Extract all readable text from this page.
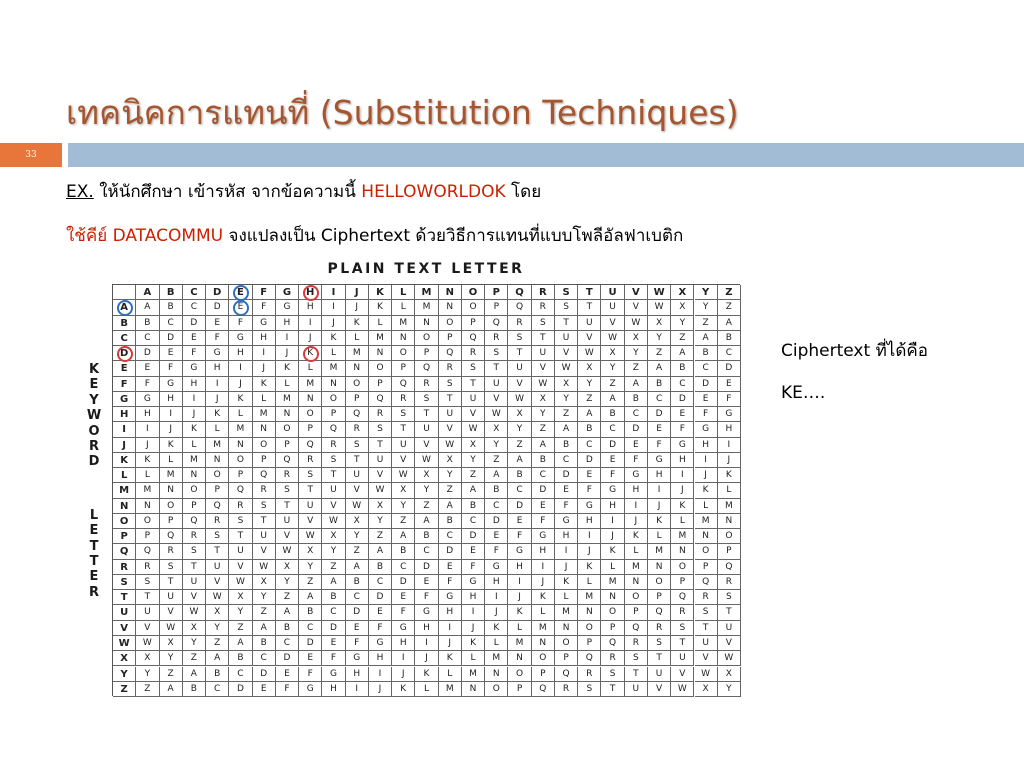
เทคนิคการแทนที่ (Substitution Techniques)
33
EX. ให้นักศึกษา เข้ารหัส จากข้อความนี้ HELLOWORLDOK โดย
ใช้คีย์ DATACOMMU จงแปลงเป็น Ciphertext ด้วยวิธีการแทนที่แบบโพลีอัลฟาเบติก
PLAIN TEXT LETTER
K
E
Y
W
O
R
D
L
E
T
T
E
R
A	B	C	D	E	F	G	H	I	J	K	L	M	N	O	P	Q	R	S	T	U	V	W	X	Y	Z
A	A	B	C	D	E	F	G	H	I	J	K	L	M	N	O	P	Q	R	S	T	U	V	W	X	Y	Z
B	B	C	D	E	F	G	H	I	J	K	L	M	N	O	P	Q	R	S	T	U	V	W	X	Y	Z	A
C	C	D	E	F	G	H	I	J	K	L	M	N	O	P	Q	R	S	T	U	V	W	X	Y	Z	A	B
D	D	E	F	G	H	I	J	K	L	M	N	O	P	Q	R	S	T	U	V	W	X	Y	Z	A	B	C
E	E	F	G	H	I	J	K	L	M	N	O	P	Q	R	S	T	U	V	W	X	Y	Z	A	B	C	D
F	F	G	H	I	J	K	L	M	N	O	P	Q	R	S	T	U	V	W	X	Y	Z	A	B	C	D	E
G	G	H	I	J	K	L	M	N	O	P	Q	R	S	T	U	V	W	X	Y	Z	A	B	C	D	E	F
H	H	I	J	K	L	M	N	O	P	Q	R	S	T	U	V	W	X	Y	Z	A	B	C	D	E	F	G
I	I	J	K	L	M	N	O	P	Q	R	S	T	U	V	W	X	Y	Z	A	B	C	D	E	F	G	H
J	J	K	L	M	N	O	P	Q	R	S	T	U	V	W	X	Y	Z	A	B	C	D	E	F	G	H	I
K	K	L	M	N	O	P	Q	R	S	T	U	V	W	X	Y	Z	A	B	C	D	E	F	G	H	I	J
L	L	M	N	O	P	Q	R	S	T	U	V	W	X	Y	Z	A	B	C	D	E	F	G	H	I	J	K
M	M	N	O	P	Q	R	S	T	U	V	W	X	Y	Z	A	B	C	D	E	F	G	H	I	J	K	L
N	N	O	P	Q	R	S	T	U	V	W	X	Y	Z	A	B	C	D	E	F	G	H	I	J	K	L	M
O	O	P	Q	R	S	T	U	V	W	X	Y	Z	A	B	C	D	E	F	G	H	I	J	K	L	M	N
P	P	Q	R	S	T	U	V	W	X	Y	Z	A	B	C	D	E	F	G	H	I	J	K	L	M	N	O
Q	Q	R	S	T	U	V	W	X	Y	Z	A	B	C	D	E	F	G	H	I	J	K	L	M	N	O	P
R	R	S	T	U	V	W	X	Y	Z	A	B	C	D	E	F	G	H	I	J	K	L	M	N	O	P	Q
S	S	T	U	V	W	X	Y	Z	A	B	C	D	E	F	G	H	I	J	K	L	M	N	O	P	Q	R
T	T	U	V	W	X	Y	Z	A	B	C	D	E	F	G	H	I	J	K	L	M	N	O	P	Q	R	S
U	U	V	W	X	Y	Z	A	B	C	D	E	F	G	H	I	J	K	L	M	N	O	P	Q	R	S	T
V	V	W	X	Y	Z	A	B	C	D	E	F	G	H	I	J	K	L	M	N	O	P	Q	R	S	T	U
W	W	X	Y	Z	A	B	C	D	E	F	G	H	I	J	K	L	M	N	O	P	Q	R	S	T	U	V
X	X	Y	Z	A	B	C	D	E	F	G	H	I	J	K	L	M	N	O	P	Q	R	S	T	U	V	W
Y	Y	Z	A	B	C	D	E	F	G	H	I	J	K	L	M	N	O	P	Q	R	S	T	U	V	W	X
Z	Z	A	B	C	D	E	F	G	H	I	J	K	L	M	N	O	P	Q	R	S	T	U	V	W	X	Y
Ciphertext ที่ได้คือ
KE….
